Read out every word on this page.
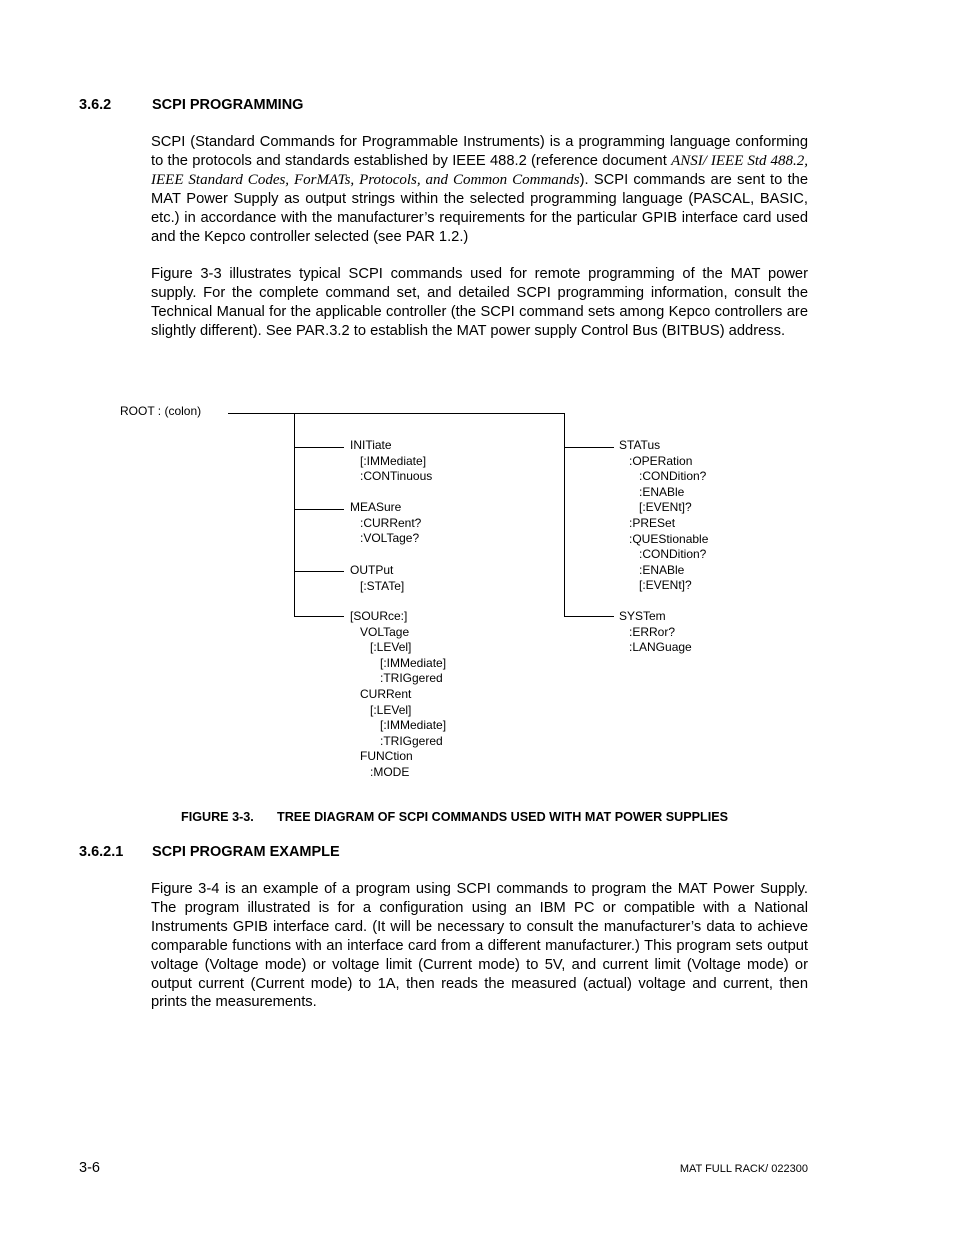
3.6.2	SCPI PROGRAMMING
SCPI (Standard Commands for Programmable Instruments) is a programming language conforming to the protocols and standards established by IEEE 488.2 (reference document ANSI/ IEEE Std 488.2, IEEE Standard Codes, ForMATs, Protocols, and Common Commands). SCPI commands are sent to the MAT Power Supply as output strings within the selected programming language (PASCAL, BASIC, etc.) in accordance with the manufacturer’s requirements for the particular GPIB interface card used and the Kepco controller selected (see PAR 1.2.)
Figure 3-3 illustrates typical SCPI commands used for remote programming of the MAT power supply. For the complete command set, and detailed SCPI programming information, consult the Technical Manual for the applicable controller (the SCPI command sets among Kepco controllers are slightly different). See PAR.3.2 to establish the MAT power supply Control Bus (BITBUS) address.
ROOT : (colon)
INITiate
[:IMMediate]
:CONTinuous
MEASure
:CURRent?
:VOLTage?
OUTPut
[:STATe]
[SOURce:]
VOLTage
[:LEVel]
[:IMMediate]
:TRIGgered
CURRent
[:LEVel]
[:IMMediate]
:TRIGgered
FUNCtion
:MODE
STATus
:OPERation
:CONDition?
:ENABle
[:EVENt]?
:PRESet
:QUEStionable
:CONDition?
:ENABle
[:EVENt]?
SYSTem
:ERRor?
:LANGuage
FIGURE 3-3. TREE DIAGRAM OF SCPI COMMANDS USED WITH MAT POWER SUPPLIES
3.6.2.1 SCPI PROGRAM EXAMPLE
Figure 3-4 is an example of a program using SCPI commands to program the MAT Power Supply. The program illustrated is for a configuration using an IBM PC or compatible with a National Instruments GPIB interface card. (It will be necessary to consult the manufacturer’s data to achieve comparable functions with an interface card from a different manufacturer.) This program sets output voltage (Voltage mode) or voltage limit (Current mode) to 5V, and current limit (Voltage mode) or output current (Current mode) to 1A, then reads the measured (actual) voltage and current, then prints the measurements.
3-6	MAT FULL RACK/ 022300
